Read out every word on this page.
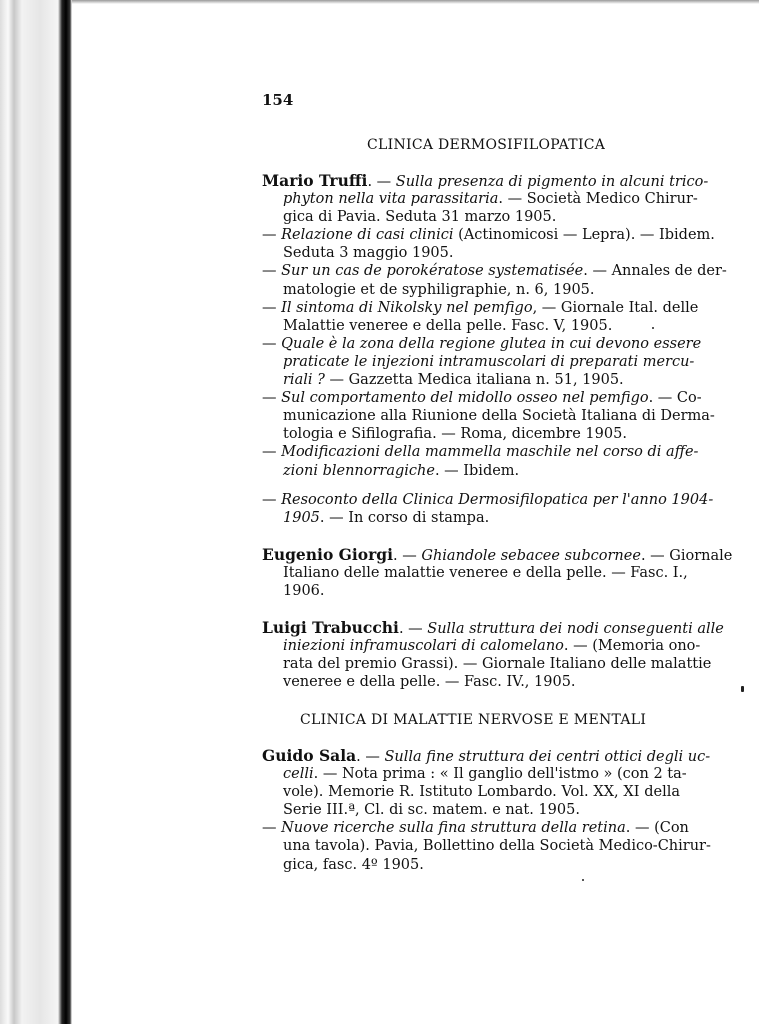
154
CLINICA DERMOSIFILOPATICA
CLINICA DI MALATTIE NERVOSE E MENTALI
Mario Truffi. — Sulla presenza di pigmento in alcuni trico-
phyton nella vita parassitaria. — Società Medico Chirur-
gica di Pavia. Seduta 31 marzo 1905.
— Relazione di casi clinici (Actinomicosi — Lepra). — Ibidem.
Seduta 3 maggio 1905.
— Sur un cas de porokératose systematisée. — Annales de der-
matologie et de syphiligraphie, n. 6, 1905.
— Il sintoma di Nikolsky nel pemfigo, — Giornale Ital. delle
Malattie veneree e della pelle. Fasc. V, 1905.
— Quale è la zona della regione glutea in cui devono essere
praticate le injezioni intramuscolari di preparati mercu-
riali ? — Gazzetta Medica italiana n. 51, 1905.
— Sul comportamento del midollo osseo nel pemfigo. — Co-
municazione alla Riunione della Società Italiana di Derma-
tologia e Sifilografia. — Roma, dicembre 1905.
— Modificazioni della mammella maschile nel corso di affe-
zioni blennorragiche. — Ibidem.
— Resoconto della Clinica Dermosifilopatica per l'anno 1904-
1905. — In corso di stampa.
Eugenio Giorgi. — Ghiandole sebacee subcornee. — Giornale
Italiano delle malattie veneree e della pelle. — Fasc. I.,
1906.
Luigi Trabucchi. — Sulla struttura dei nodi conseguenti alle
iniezioni inframuscolari di calomelano. — (Memoria ono-
rata del premio Grassi). — Giornale Italiano delle malattie
veneree e della pelle. — Fasc. IV., 1905.
Guido Sala. — Sulla fine struttura dei centri ottici degli uc-
celli. — Nota prima : « Il ganglio dell'istmo » (con 2 ta-
vole). Memorie R. Istituto Lombardo. Vol. XX, XI della
Serie III.ª, Cl. di sc. matem. e nat. 1905.
— Nuove ricerche sulla fina struttura della retina. — (Con
una tavola). Pavia, Bollettino della Società Medico-Chirur-
gica, fasc. 4º 1905.
